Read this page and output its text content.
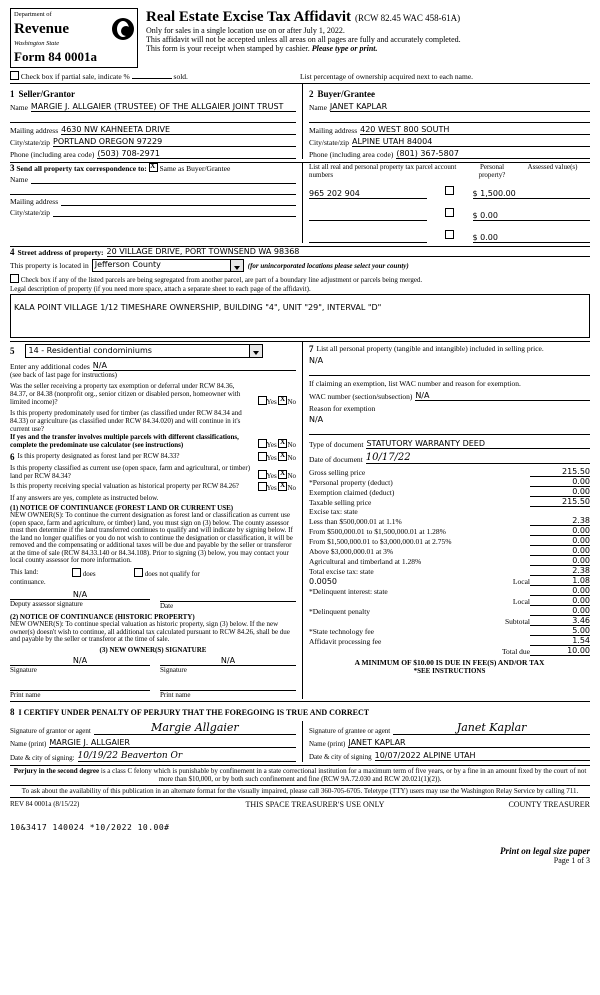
Department of
Revenue
Washington State
Form 84 0001a
Real Estate Excise Tax Affidavit (RCW 82.45 WAC 458-61A)
Only for sales in a single location use on or after July 1, 2022.
This affidavit will not be accepted unless all areas on all pages are fully and accurately completed.
This form is your receipt when stamped by cashier. Please type or print.
Check box if partial sale, indicate %	sold.	List percentage of ownership acquired next to each name.
1 Seller/Grantor
Name MARGIE J. ALLGAIER (TRUSTEE) OF THE ALLGAIER JOINT TRUST
Mailing address 4630 NW KAHNEETA DRIVE
City/state/zip PORTLAND OREGON 97229
Phone (including area code) (503) 708-2971
2 Buyer/Grantee
Name JANET KAPLAR
Mailing address 420 WEST 800 SOUTH
City/state/zip ALPINE UTAH 84004
Phone (including area code) (801) 367-5807
3 Send all property tax correspondence to: X Same as Buyer/Grantee
Name
Mailing address
City/state/zip
List all real and personal property tax parcel account numbers
Personal property?
Assessed value(s)
965 202 904	$ 1,500.00
$ 0.00
$ 0.00
4 Street address of property: 20 VILLAGE DRIVE, PORT TOWNSEND WA 98368
This property is located in Jefferson County	(for unincorporated locations please select your county)
Check box if any of the listed parcels are being segregated from another parcel, are part of a boundary line adjustment or parcels being merged.
Legal description of property (if you need more space, attach a separate sheet to each page of the affidavit).
KALA POINT VILLAGE 1/12 TIMESHARE OWNERSHIP, BUILDING "4", UNIT "29", INTERVAL "D"
5 14 - Residential condominiums
Enter any additional codes N/A
(see back of last page for instructions)
Was the seller receiving a property tax exemption or deferral under RCW 84.36, 84.37, or 84.38 (nonprofit org., senior citizen or disabled person, homeowner with limited income)?	Yes X No
Is this property predominately used for timber (as classified under RCW 84.34 and 84.33) or agriculture (as classified under RCW 84.34.020) and will continue in it's current use?
If yes and the transfer involves multiple parcels with different classifications, complete the predominate use calculator (see instructions)	Yes X No
6 Is this property designated as forest land per RCW 84.33?	Yes X No
Is this property classified as current use (open space, farm and agricultural, or timber) land per RCW 84.34?	Yes X No
Is this property receiving special valuation as historical property per RCW 84.26?	Yes X No
If any answers are yes, complete as instructed below.
(1) NOTICE OF CONTINUANCE (FOREST LAND OR CURRENT USE)
NEW OWNER(S): To continue the current designation as forest land or classification as current use (open space, farm and agriculture, or timber) land, you must sign on (3) below. The county assessor must then determine if the land transferred continues to qualify and will indicate by signing below. If the land no longer qualifies or you do not wish to continue the designation or classification, it will be removed and the compensating or additional taxes will be due and payable by the seller or transferor at the time of sale (RCW 84.33.140 or 84.34.108). Prior to signing (3) below, you may contact your local county assessor for more information.
This land:	does	does not qualify for
continuance.
N/A
Deputy assessor signature	Date
(2) NOTICE OF CONTINUANCE (HISTORIC PROPERTY)
NEW OWNER(S): To continue special valuation as historic property, sign (3) below. If the new owner(s) doesn't wish to continue, all additional tax calculated pursuant to RCW 84.26, shall be due and payable by the seller or transferor at the time of sale.
(3) NEW OWNER(S) SIGNATURE
N/A
Signature
N/A
Signature
Print name	Print name
7 List all personal property (tangible and intangible) included in selling price.
N/A
If claiming an exemption, list WAC number and reason for exemption.
WAC number (section/subsection) N/A
Reason for exemption
N/A
Type of document STATUTORY WARRANTY DEED
Date of document 10/17/22
Gross selling price	215.50
*Personal property (deduct)	0.00
Exemption claimed (deduct)	0.00
Taxable selling price	215.50
Excise tax: state
Less than $500,000.01 at 1.1%	2.38
From $500,000.01 to $1,500,000.01 at 1.28%	0.00
From $1,500,000.01 to $3,000,000.01 at 2.75%	0.00
Above $3,000,000.01 at 3%	0.00
Agricultural and timberland at 1.28%	0.00
Total excise tax: state	2.38
0.0050	Local	1.08
*Delinquent interest: state	0.00
Local	0.00
*Delinquent penalty	0.00
Subtotal	3.46
*State technology fee	5.00
Affidavit processing fee	1.54
Total due	10.00
A MINIMUM OF $10.00 IS DUE IN FEE(S) AND/OR TAX
*SEE INSTRUCTIONS
8 I CERTIFY UNDER PENALTY OF PERJURY THAT THE FOREGOING IS TRUE AND CORRECT
Signature of grantor or agent	Margie Allgaier
Name (print) MARGIE J. ALLGAIER
Date & city of signing: 10/19/22 Beaverton Or
Signature of grantee or agent	Janet Kaplar
Name (print) JANET KAPLAR
Date & city of signing 10/07/2022 ALPINE UTAH
Perjury in the second degree is a class C felony which is punishable by confinement in a state correctional institution for a maximum term of five years, or by a fine in an amount fixed by the court of not more than $10,000, or by both such confinement and fine (RCW 9A.72.030 and RCW 20.021(1)(2)).
To ask about the availability of this publication in an alternate format for the visually impaired, please call 360-705-6705. Teletype (TTY) users may use the Washington Relay Service by calling 711.
REV 84 0001a (8/15/22)	THIS SPACE TREASURER'S USE ONLY	COUNTY TREASURER
10&3417 140024 *10/2022 10.00#
Print on legal size paper
Page 1 of 3
